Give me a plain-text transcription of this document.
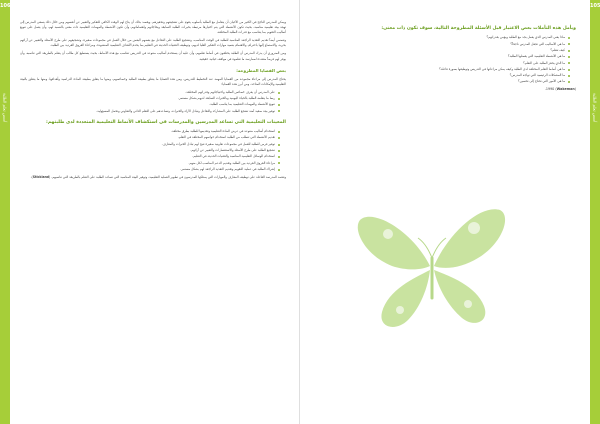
106
أسس تعلم الطلبة

ويمكن للمدرس الناجح في الكثير من الأحيان أن يتعامل مع الطلبة بأسلوب يقوم على تشجيعهم وتحفيزهم، ويقصد بذلك أن يتاح لهم الوقت الكافي للتفكير والتعبير عن أنفسهم ومن خلال ذلك يسعى المدرس إلى تهيئة بيئة تعليمية مناسبة، بحيث تكون الأنشطة التي يتم اختيارها مرتبطة بخبرات الطلبة السابقة وبحاجاتهم واهتماماتهم، وأن تكون الأنشطة والمهمات التعليمية ذات معنى بالنسبة لهم، وأن يعمل على تنويع أساليب التقويم بما يتناسب مع قدرات الطلبة المختلفة.

وتتضمن أيضاً تقديم التغذية الراجعة المناسبة للطلبة في الوقت المناسب، وتشجيع الطلبة على التفاعل مع بعضهم البعض من خلال العمل في مجموعات صغيرة، وتشجيعهم على طرح الأسئلة والتعبير عن آرائهم بحرية، والاستماع إليها باحترام، والاهتمام بتنمية مهارات التفكير العليا لديهم، وتوظيف التقنيات الحديثة في التعليم بما يخدم الأهداف التعليمية المنشودة، ومراعاة الفروق الفردية بين الطلبة.

ومن الضروري أن يدرك المدرس أن الطلبة يختلفون في أنماط تعلمهم، وأن عليه أن يستخدم أساليب متنوعة في التدريس تتناسب مع هذه الأنماط، بحيث يستطيع كل طالب أن يتعلم بالطريقة التي تناسبه، وأن يوفر لهم فرصاً متعددة لممارسة ما تعلموه في مواقف حياتية حقيقية.

بعض القضايا المطروحة:

يحتاج المدرس إلى مراعاة مجموعة من القضايا المهمة عند التخطيط للتدريس، ومن هذه القضايا ما يتعلق بطبيعة الطلبة وخصائصهم، ومنها ما يتعلق بطبيعة المادة الدراسية وأهدافها، ومنها ما يتعلق بالبيئة التعليمية والإمكانات المتاحة، ومن أبرز هذه القضايا:

على المدرس أن يعرف خصائص الطلبة واحتياجاتهم وقدراتهم المختلفة.
ربط ما يتعلمه الطلبة بالحياة اليومية وبالخبرات السابقة لديهم بشكل مستمر.
تنويع الأنشطة والمهمات التعليمية بما يناسب الطلبة.
توفير بيئة صفية آمنة تشجع الطلبة على المشاركة والتفاعل وتبادل الآراء والخبرات، وتساعدهم على التعلم الذاتي والتعاوني وتحمل المسؤولية.
المعينات التعليمية التي تساعد المدرسين والمدرسات في استكشاف الأنماط التعليمية المتعددة لدى طلبتهم:
استخدام أساليب متنوعة في عرض المادة التعليمية وتقديمها للطلبة بطرق مختلفة.
تقديم الأنشطة التي تتطلب من الطلبة استخدام حواسهم المختلفة في التعلم.
توفير فرص للطلبة للعمل في مجموعات تعاونية صغيرة تتيح لهم تبادل الخبرات والمعارف.
تشجيع الطلبة على طرح الأسئلة والاستفسارات والتعبير عن آرائهم.
استخدام الوسائل التعليمية المناسبة والتقنيات الحديثة في التعليم.
مراعاة الفروق الفردية بين الطلبة وتقديم الدعم المناسب لكل منهم.
إشراك الطلبة في عملية التقويم وتقديم التغذية الراجعة لهم بشكل مستمر.

وتعتمد المدرسة الفاعلة على توظيف المعارف والمهارات التي يمتلكها المدرسون في تطوير العملية التعليمية، وتوفير البيئة المناسبة التي تساعد الطلبة على التعلم بالطريقة التي تناسبهم. (Stickland).

105
أسس تعلم الطلبة
ويأمل هذه التأملات بعض الاعتبار قبل الأسئلة المطروحة التالية، سوف تكون ذات معنى:
ماذا يعني المدرس الذي يعمل بجد مع الطلبة ويؤمن بقدراتهم؟
ما هي الأساليب التي تجعل المدرس ناجحاً؟
كيف تتعلم؟
ما هي الأنشطة التعليمية التي يفضلها الطلبة؟
ما الذي يحفز الطلبة على التعلم؟
ما هي أنماط التعلم المختلفة لدى الطلبة وكيف يمكن مراعاتها في التدريس وتوظيفها بصورة فاعلة؟
ما المشكلات الرئيسية التي تواجه المدرس؟
ما هي الأمور التي تحتاج إلى تحسين؟
(Wakeman) 1990.
